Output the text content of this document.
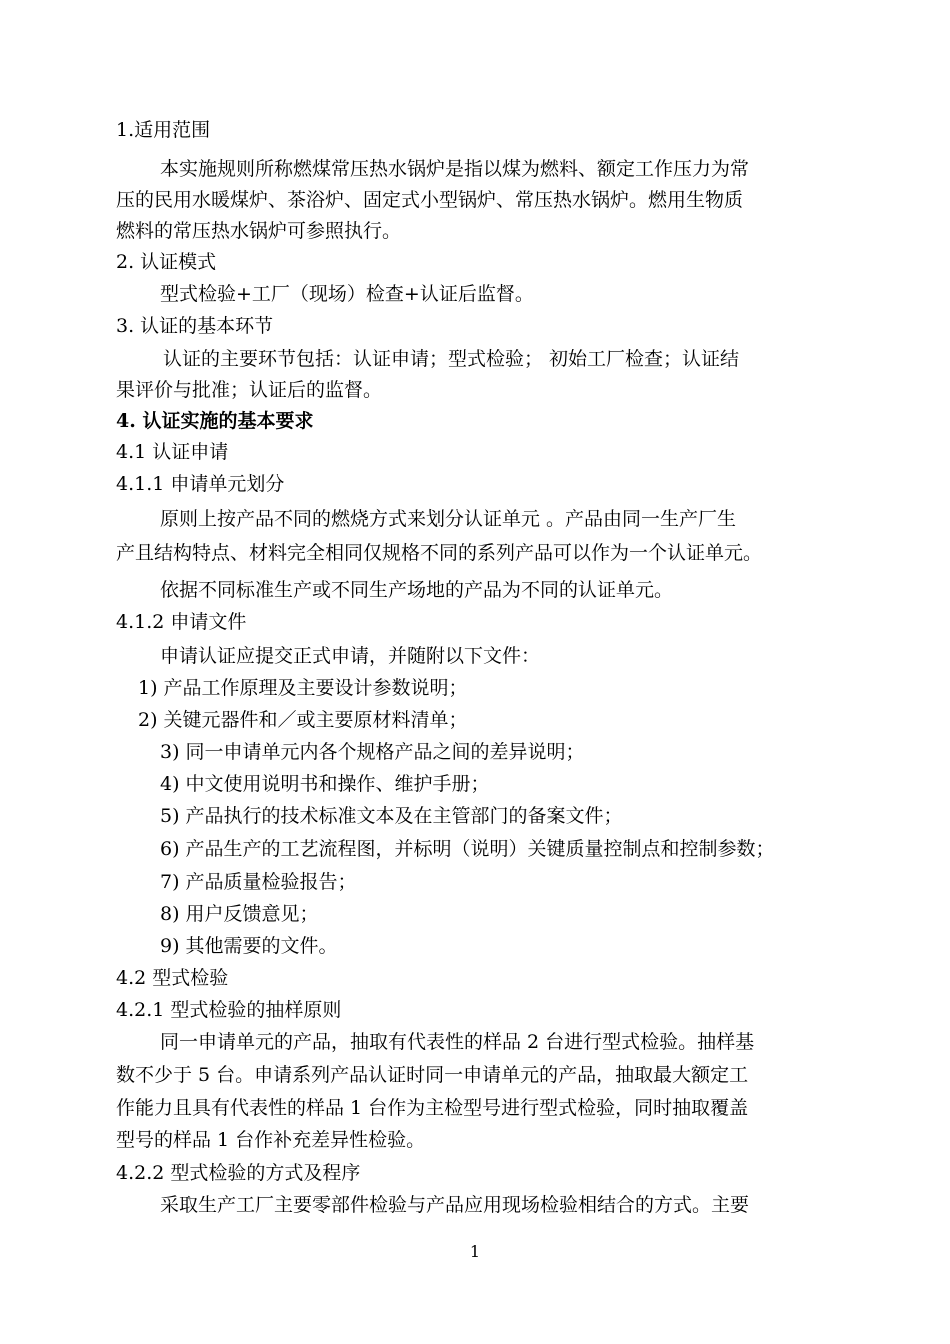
1.适用范围

本实施规则所称燃煤常压热水锅炉是指以煤为燃料、额定工作压力为常

压的民用水暖煤炉、茶浴炉、固定式小型锅炉、常压热水锅炉。燃用生物质

燃料的常压热水锅炉可参照执行。

2. 认证模式

型式检验+工厂（现场）检查+认证后监督。

3. 认证的基本环节

认证的主要环节包括：认证申请；型式检验； 初始工厂检查；认证结

果评价与批准；认证后的监督。

4. 认证实施的基本要求

4.1 认证申请

4.1.1 申请单元划分

原则上按产品不同的燃烧方式来划分认证单元 。产品由同一生产厂生

产且结构特点、材料完全相同仅规格不同的系列产品可以作为一个认证单元。

依据不同标准生产或不同生产场地的产品为不同的认证单元。

4.1.2 申请文件

申请认证应提交正式申请，并随附以下文件：

1) 产品工作原理及主要设计参数说明；

2) 关键元器件和／或主要原材料清单；

3) 同一申请单元内各个规格产品之间的差异说明；

4) 中文使用说明书和操作、维护手册；

5) 产品执行的技术标准文本及在主管部门的备案文件；

6) 产品生产的工艺流程图，并标明（说明）关键质量控制点和控制参数；

7) 产品质量检验报告；

8) 用户反馈意见；

9) 其他需要的文件。

4.2 型式检验

4.2.1 型式检验的抽样原则

同一申请单元的产品，抽取有代表性的样品 2 台进行型式检验。抽样基

数不少于 5 台。申请系列产品认证时同一申请单元的产品，抽取最大额定工

作能力且具有代表性的样品 1 台作为主检型号进行型式检验，同时抽取覆盖

型号的样品 1 台作补充差异性检验。

4.2.2 型式检验的方式及程序

采取生产工厂主要零部件检验与产品应用现场检验相结合的方式。主要

1
